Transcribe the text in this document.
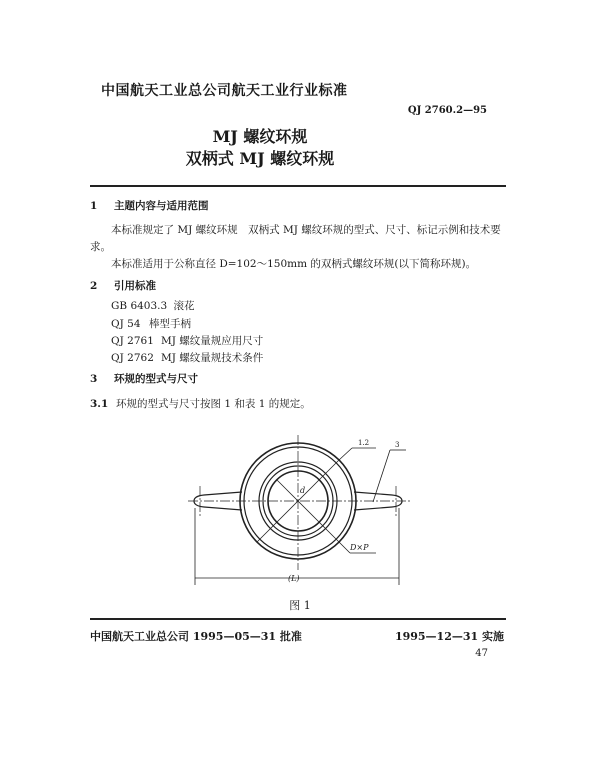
中国航天工业总公司航天工业行业标准
QJ 2760.2—95
MJ 螺纹环规
双柄式 MJ 螺纹环规
1 主题内容与适用范围
本标准规定了 MJ 螺纹环规　双柄式 MJ 螺纹环规的型式、尺寸、标记示例和技术要
求。
本标准适用于公称直径 D=102～150mm 的双柄式螺纹环规(以下简称环规)。
2 引用标准
GB 6403.3　 滚花
QJ 54 棒型手柄
QJ 2761 MJ 螺纹量规应用尺寸
QJ 2762 MJ 螺纹量规技术条件
3 环规的型式与尺寸
3.1 环规的型式与尺寸按图 1 和表 1 的规定。
1.2	3
d
D×P
(L)
图 1
中国航天工业总公司 1995—05—31 批准	1995—12—31 实施
47
